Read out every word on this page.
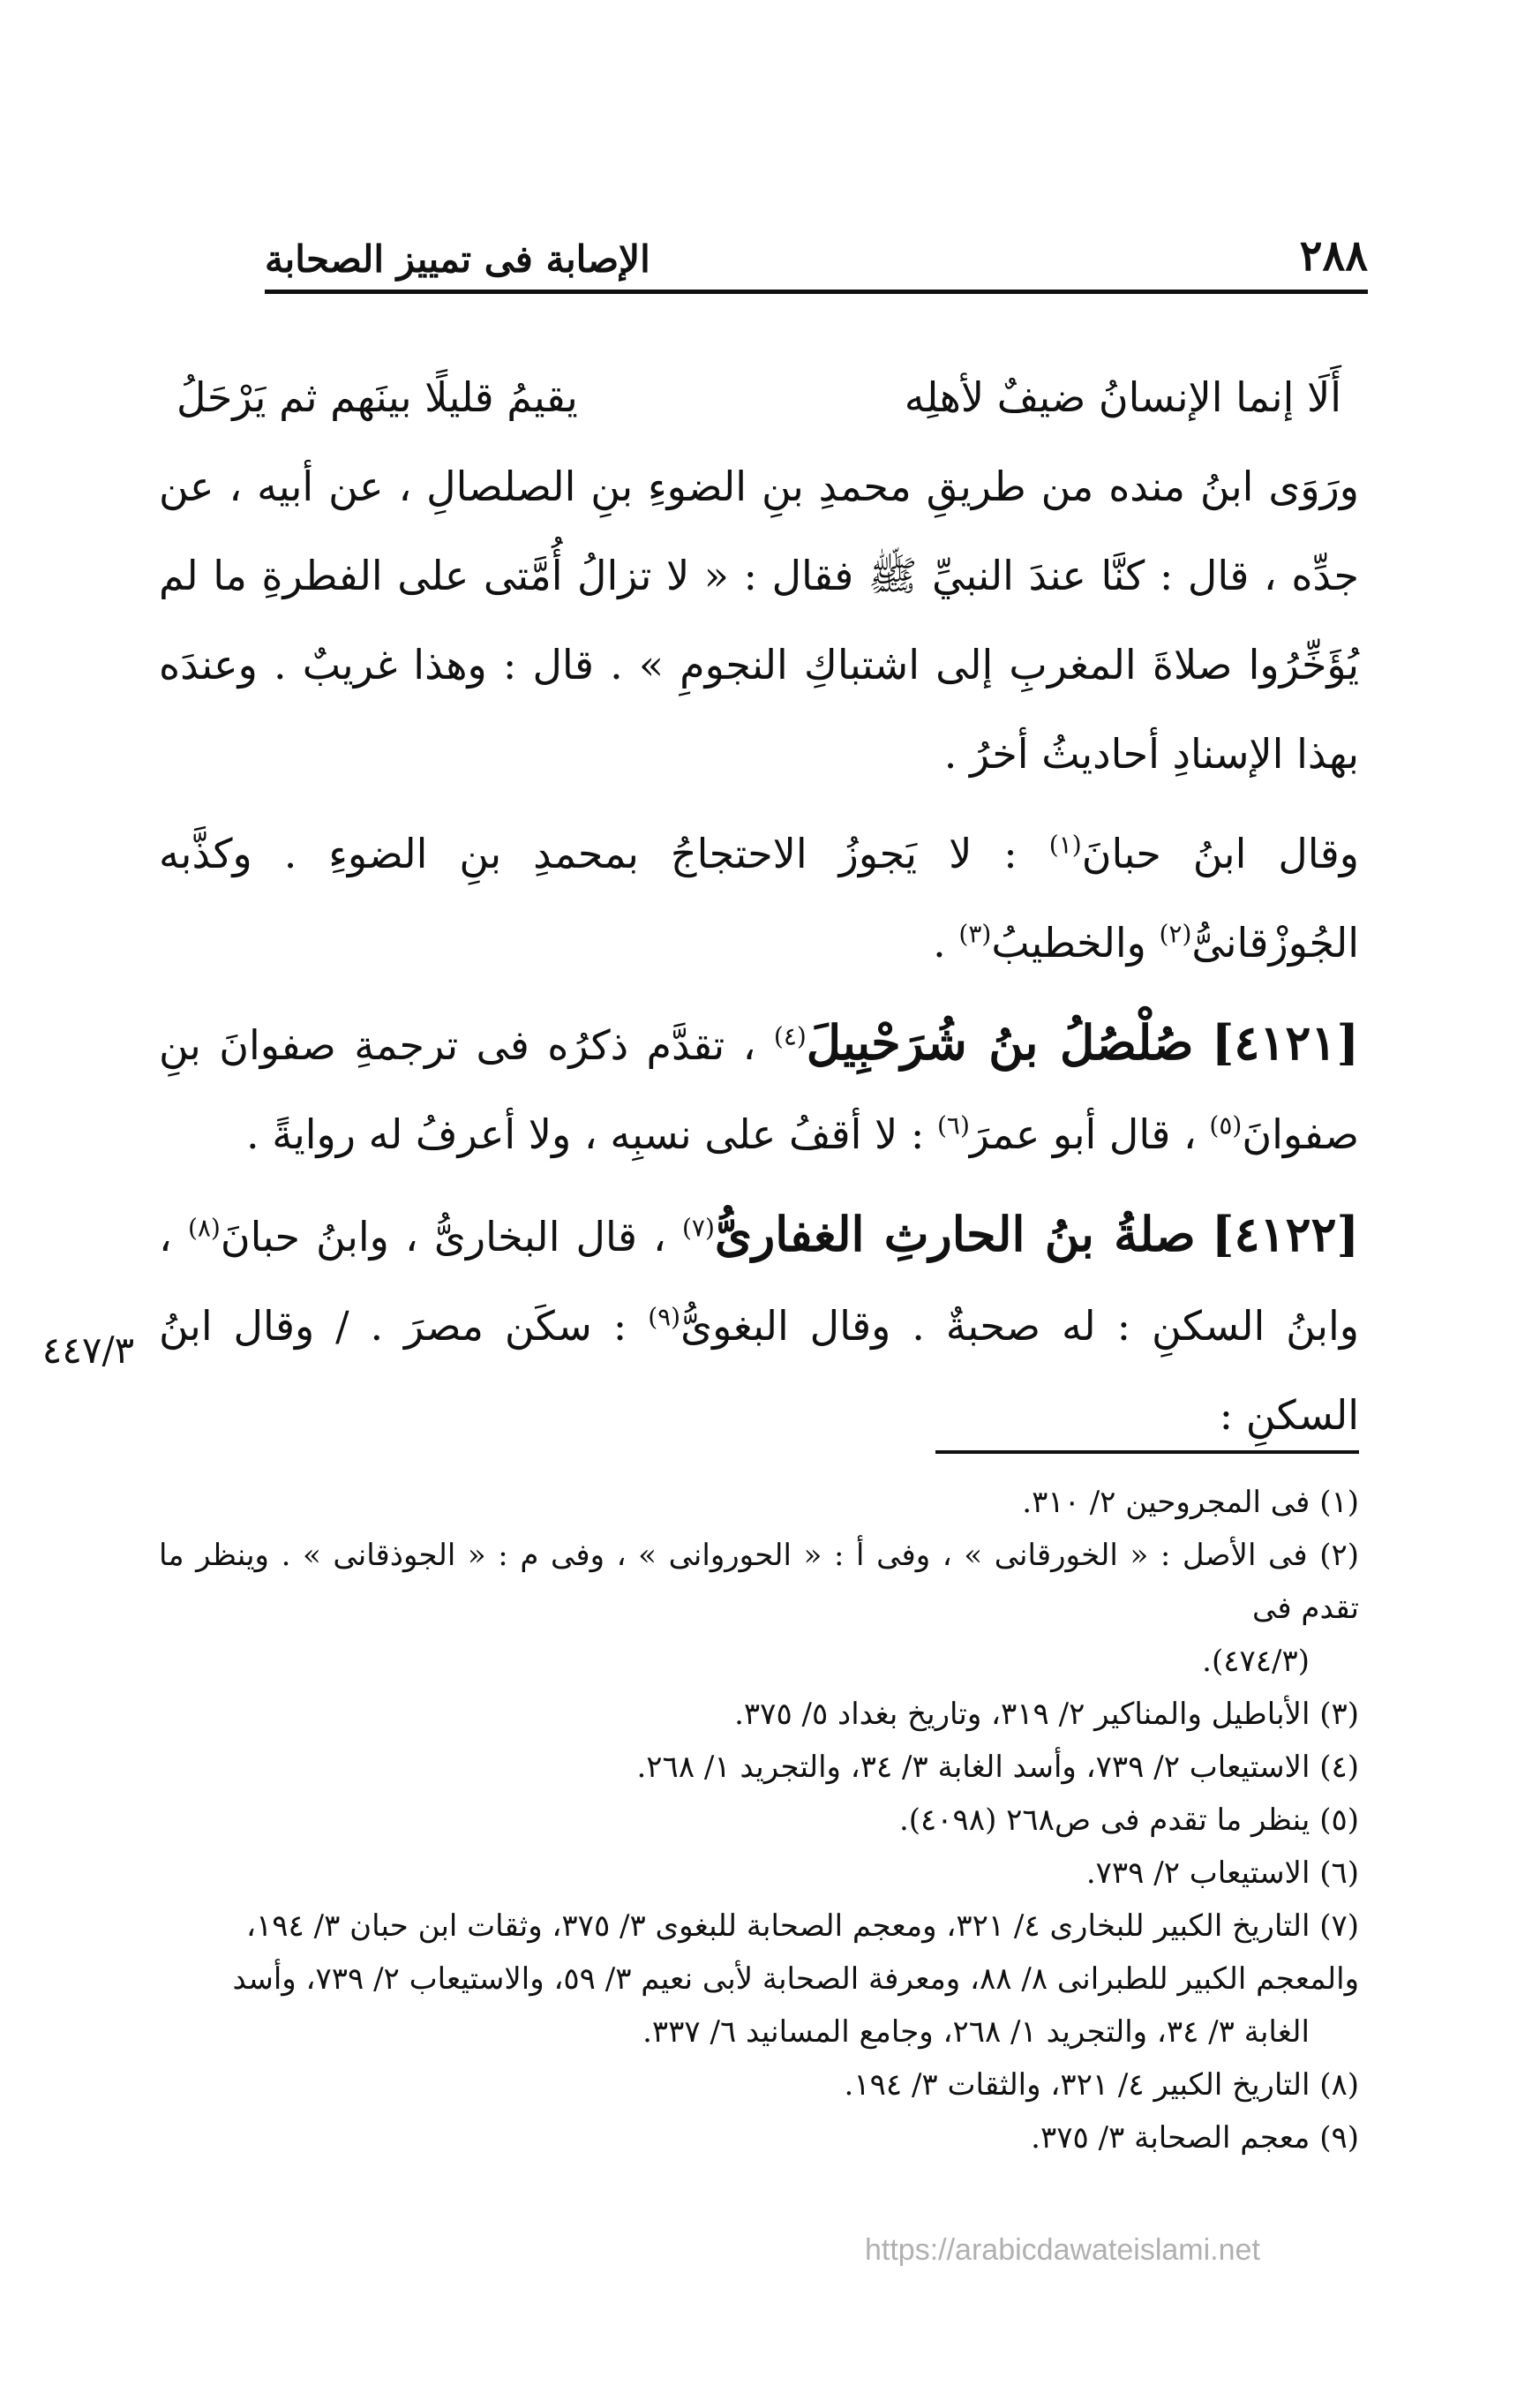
٢٨٨
الإصابة فى تمييز الصحابة
أَلَا إنما الإنسانُ ضيفٌ لأهلِه
يقيمُ قليلًا بينَهم ثم يَرْحَلُ

ورَوَى ابنُ منده من طريقِ محمدِ بنِ الضوءِ بنِ الصلصالِ ، عن أبيه ، عن جدِّه ، قال : كنَّا عندَ النبيِّ ﷺ فقال : « لا تزالُ أُمَّتى على الفطرةِ ما لم يُؤَخِّرُوا صلاةَ المغربِ إلى اشتباكِ النجومِ » . قال : وهذا غريبٌ . وعندَه بهذا الإسنادِ أحاديثُ أخرُ .

وقال ابنُ حبانَ$^{(١)}$ : لا يَجوزُ الاحتجاجُ بمحمدِ بنِ الضوءِ . وكذَّبه الجُوزْقانىُّ$^{(٢)}$ والخطيبُ$^{(٣)}$ .

[٤١٢١] صُلْصُلُ بنُ شُرَحْبِيلَ$^{(٤)}$ ، تقدَّم ذكرُه فى ترجمةِ صفوانَ بنِ صفوانَ$^{(٥)}$ ، قال أبو عمرَ$^{(٦)}$ : لا أقفُ على نسبِه ، ولا أعرفُ له روايةً .

[٤١٢٢] صلةُ بنُ الحارثِ الغفارىُّ$^{(٧)}$ ، قال البخارىُّ ، وابنُ حبانَ$^{(٨)}$ ، وابنُ السكنِ : له صحبةٌ . وقال البغوىُّ$^{(٩)}$ : سكَن مصرَ . / وقال ابنُ السكنِ :

٤٤٧/٣

(١) فى المجروحين ٢/ ٣١٠.

(٢) فى الأصل : « الخورقانى » ، وفى أ : « الحوروانى » ، وفى م : « الجوذقانى » . وينظر ما تقدم فى

(٤٧٤/٣).

(٣) الأباطيل والمناكير ٢/ ٣١٩، وتاريخ بغداد ٥/ ٣٧٥.

(٤) الاستيعاب ٢/ ٧٣٩، وأسد الغابة ٣/ ٣٤، والتجريد ١/ ٢٦٨.

(٥) ينظر ما تقدم فى ص٢٦٨ (٤٠٩٨).

(٦) الاستيعاب ٢/ ٧٣٩.

(٧) التاريخ الكبير للبخارى ٤/ ٣٢١، ومعجم الصحابة للبغوى ٣/ ٣٧٥، وثقات ابن حبان ٣/ ١٩٤،

والمعجم الكبير للطبرانى ٨/ ٨٨، ومعرفة الصحابة لأبى نعيم ٣/ ٥٩، والاستيعاب ٢/ ٧٣٩، وأسد

الغابة ٣/ ٣٤، والتجريد ١/ ٢٦٨، وجامع المسانيد ٦/ ٣٣٧.

(٨) التاريخ الكبير ٤/ ٣٢١، والثقات ٣/ ١٩٤.

(٩) معجم الصحابة ٣/ ٣٧٥.

https://arabicdawateislami.net
